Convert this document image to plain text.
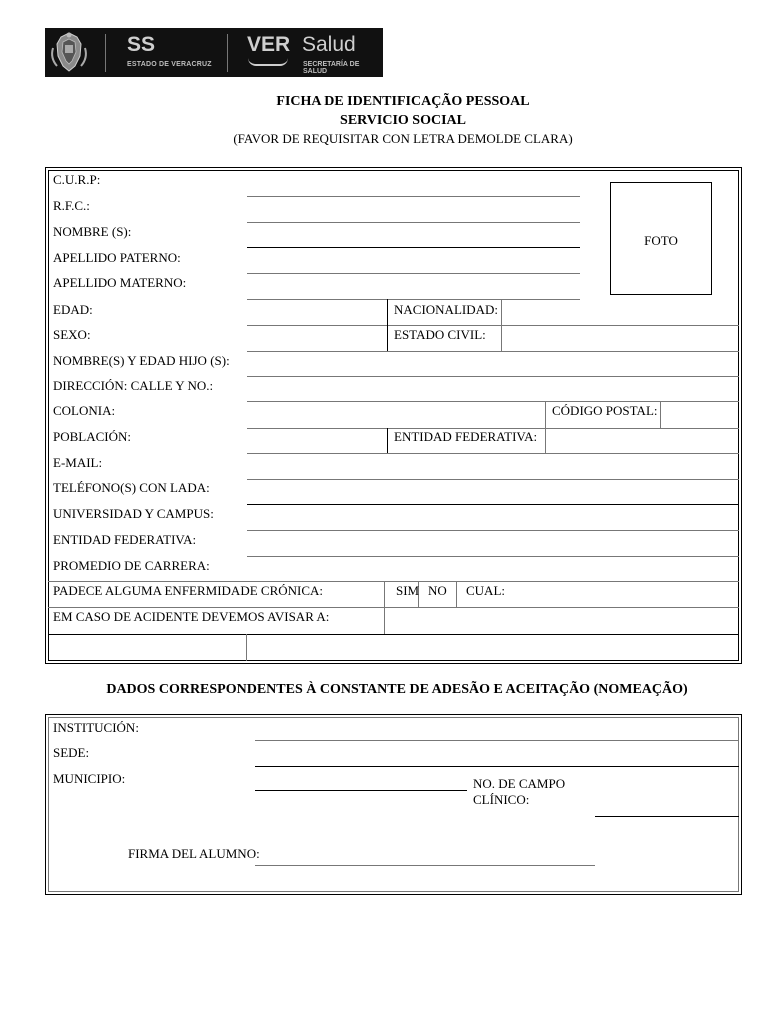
SS
ESTADO DE VERACRUZ
VER Salud
SECRETARÍA DE SALUD
FICHA DE IDENTIFICAÇÃO PESSOAL
SERVICIO SOCIAL
(FAVOR DE REQUISITAR CON LETRA DEMOLDE CLARA)
FOTO
C.U.R.P:
R.F.C.:
NOMBRE (S):
APELLIDO PATERNO:
APELLIDO MATERNO:
EDAD:	NACIONALIDAD:
SEXO:	ESTADO CIVIL:
NOMBRE(S) Y EDAD HIJO (S):
DIRECCIÓN: CALLE Y NO.:
COLONIA:	CÓDIGO POSTAL:
POBLACIÓN:	ENTIDAD FEDERATIVA:
E-MAIL:
TELÉFONO(S) CON LADA:
UNIVERSIDAD Y CAMPUS:
ENTIDAD FEDERATIVA:
PROMEDIO DE CARRERA:
PADECE ALGUMA ENFERMIDADE CRÓNICA:	SIM NO CUAL:
EM CASO DE ACIDENTE DEVEMOS AVISAR A:
DADOS CORRESPONDENTES À CONSTANTE DE ADESÃO E ACEITAÇÃO (NOMEAÇÃO)
INSTITUCIÓN:
SEDE:
MUNICIPIO:	NO. DE CAMPO
CLÍNICO:
FIRMA DEL ALUMNO:
